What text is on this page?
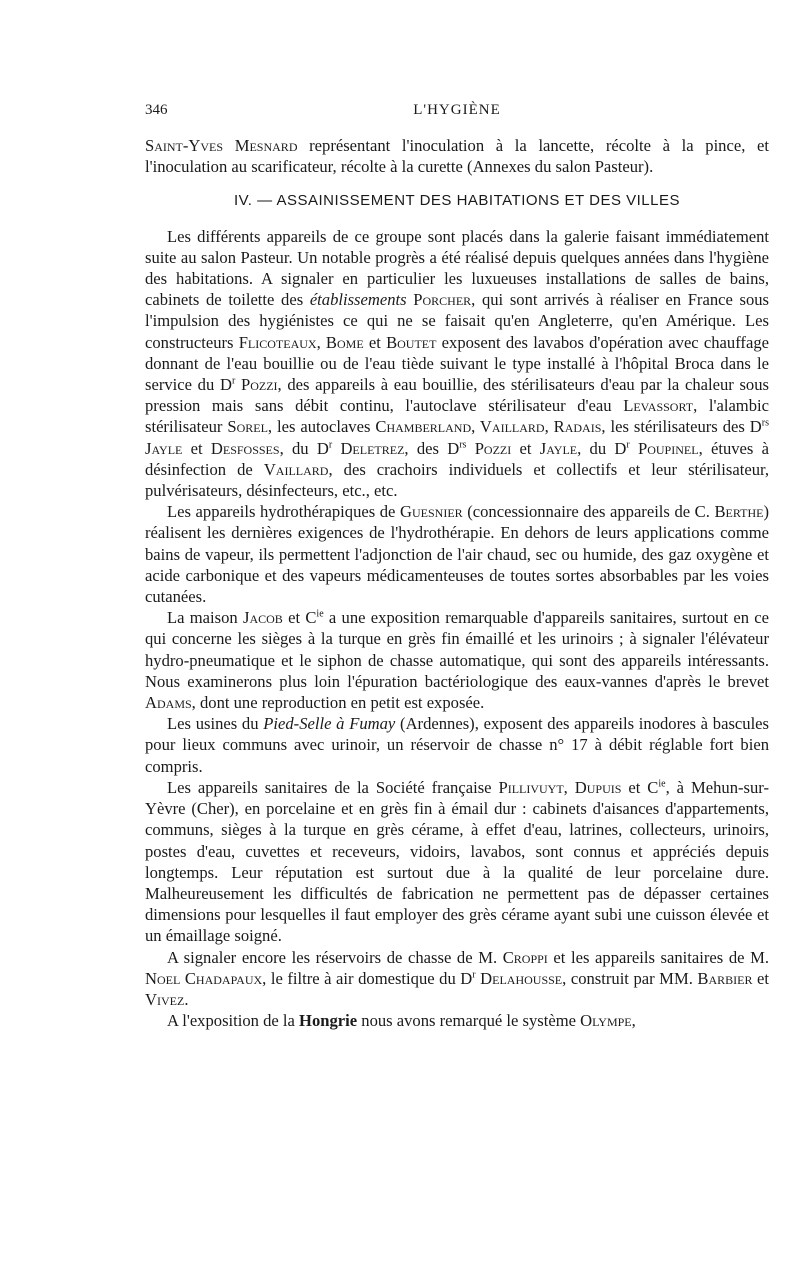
346	L'HYGIÈNE

Saint-Yves Mesnard représentant l'inoculation à la lancette, récolte à la pince, et l'inoculation au scarificateur, récolte à la curette (Annexes du salon Pasteur).

IV. — ASSAINISSEMENT DES HABITATIONS ET DES VILLES

Les différents appareils de ce groupe sont placés dans la galerie faisant immédiatement suite au salon Pasteur. Un notable progrès a été réalisé depuis quelques années dans l'hygiène des habitations. A signaler en particulier les luxueuses installations de salles de bains, cabinets de toilette des établissements Porcher, qui sont arrivés à réaliser en France sous l'impulsion des hygiénistes ce qui ne se faisait qu'en Angleterre, qu'en Amérique. Les constructeurs Flicoteaux, Bome et Boutet exposent des lavabos d'opération avec chauffage donnant de l'eau bouillie ou de l'eau tiède suivant le type installé à l'hôpital Broca dans le service du $D^r$ Pozzi, des appareils à eau bouillie, des stérilisateurs d'eau par la chaleur sous pression mais sans débit continu, l'autoclave stérilisateur d'eau Levassort, l'alambic stérilisateur Sorel, les autoclaves Chamberland, Vaillard, Radais, les stérilisateurs des $D^{rs}$ Jayle et Desfosses, du $D^r$ Deletrez, des $D^{rs}$ Pozzi et Jayle, du $D^r$ Poupinel, étuves à désinfection de Vaillard, des crachoirs individuels et collectifs et leur stérilisateur, pulvérisateurs, désinfecteurs, etc., etc.

Les appareils hydrothérapiques de Guesnier (concessionnaire des appareils de C. Berthe) réalisent les dernières exigences de l'hydrothérapie. En dehors de leurs applications comme bains de vapeur, ils permettent l'adjonction de l'air chaud, sec ou humide, des gaz oxygène et acide carbonique et des vapeurs médicamenteuses de toutes sortes absorbables par les voies cutanées.

La maison Jacob et $C^{ie}$ a une exposition remarquable d'appareils sanitaires, surtout en ce qui concerne les sièges à la turque en grès fin émaillé et les urinoirs ; à signaler l'élévateur hydro-pneumatique et le siphon de chasse automatique, qui sont des appareils intéressants. Nous examinerons plus loin l'épuration bactériologique des eaux-vannes d'après le brevet Adams, dont une reproduction en petit est exposée.

Les usines du Pied-Selle à Fumay (Ardennes), exposent des appareils inodores à bascules pour lieux communs avec urinoir, un réservoir de chasse n° 17 à débit réglable fort bien compris.

Les appareils sanitaires de la Société française Pillivuyt, Dupuis et $C^{ie}$, à Mehun-sur-Yèvre (Cher), en porcelaine et en grès fin à émail dur : cabinets d'aisances d'appartements, communs, sièges à la turque en grès cérame, à effet d'eau, latrines, collecteurs, urinoirs, postes d'eau, cuvettes et receveurs, vidoirs, lavabos, sont connus et appréciés depuis longtemps. Leur réputation est surtout due à la qualité de leur porcelaine dure. Malheureusement les difficultés de fabrication ne permettent pas de dépasser certaines dimensions pour lesquelles il faut employer des grès cérame ayant subi une cuisson élevée et un émaillage soigné.

A signaler encore les réservoirs de chasse de M. Croppi et les appareils sanitaires de M. Noel Chadapaux, le filtre à air domestique du $D^r$ Delahousse, construit par MM. Barbier et Vivez.

A l'exposition de la Hongrie nous avons remarqué le système Olympe,
